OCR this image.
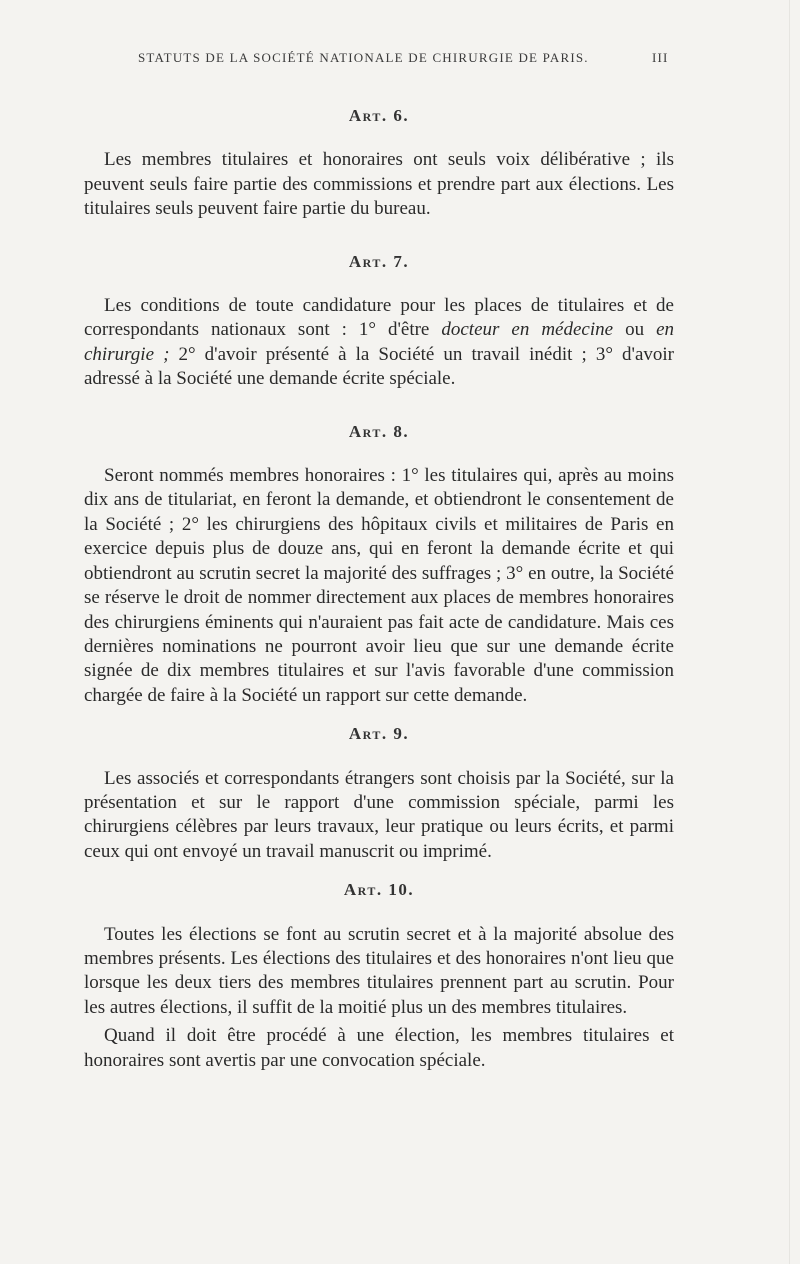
STATUTS DE LA SOCIÉTÉ NATIONALE DE CHIRURGIE DE PARIS.	III
Art. 6.

Les membres titulaires et honoraires ont seuls voix délibérative ; ils peuvent seuls faire partie des commissions et prendre part aux élections. Les titulaires seuls peuvent faire partie du bureau.

Art. 7.

Les conditions de toute candidature pour les places de titulaires et de correspondants nationaux sont : 1° d'être docteur en médecine ou en chirurgie ; 2° d'avoir présenté à la Société un travail inédit ; 3° d'avoir adressé à la Société une demande écrite spéciale.

Art. 8.

Seront nommés membres honoraires : 1° les titulaires qui, après au moins dix ans de titulariat, en feront la demande, et obtiendront le consentement de la Société ; 2° les chirurgiens des hôpitaux civils et militaires de Paris en exercice depuis plus de douze ans, qui en feront la demande écrite et qui obtiendront au scrutin secret la majorité des suffrages ; 3° en outre, la Société se réserve le droit de nommer directement aux places de membres honoraires des chirurgiens éminents qui n'auraient pas fait acte de candidature. Mais ces dernières nominations ne pourront avoir lieu que sur une demande écrite signée de dix membres titulaires et sur l'avis favorable d'une commission chargée de faire à la Société un rapport sur cette demande.

Art. 9.

Les associés et correspondants étrangers sont choisis par la Société, sur la présentation et sur le rapport d'une commission spéciale, parmi les chirurgiens célèbres par leurs travaux, leur pratique ou leurs écrits, et parmi ceux qui ont envoyé un travail manuscrit ou imprimé.

Art. 10.

Toutes les élections se font au scrutin secret et à la majorité absolue des membres présents. Les élections des titulaires et des honoraires n'ont lieu que lorsque les deux tiers des membres titulaires prennent part au scrutin. Pour les autres élections, il suffit de la moitié plus un des membres titulaires.

Quand il doit être procédé à une élection, les membres titulaires et honoraires sont avertis par une convocation spéciale.
